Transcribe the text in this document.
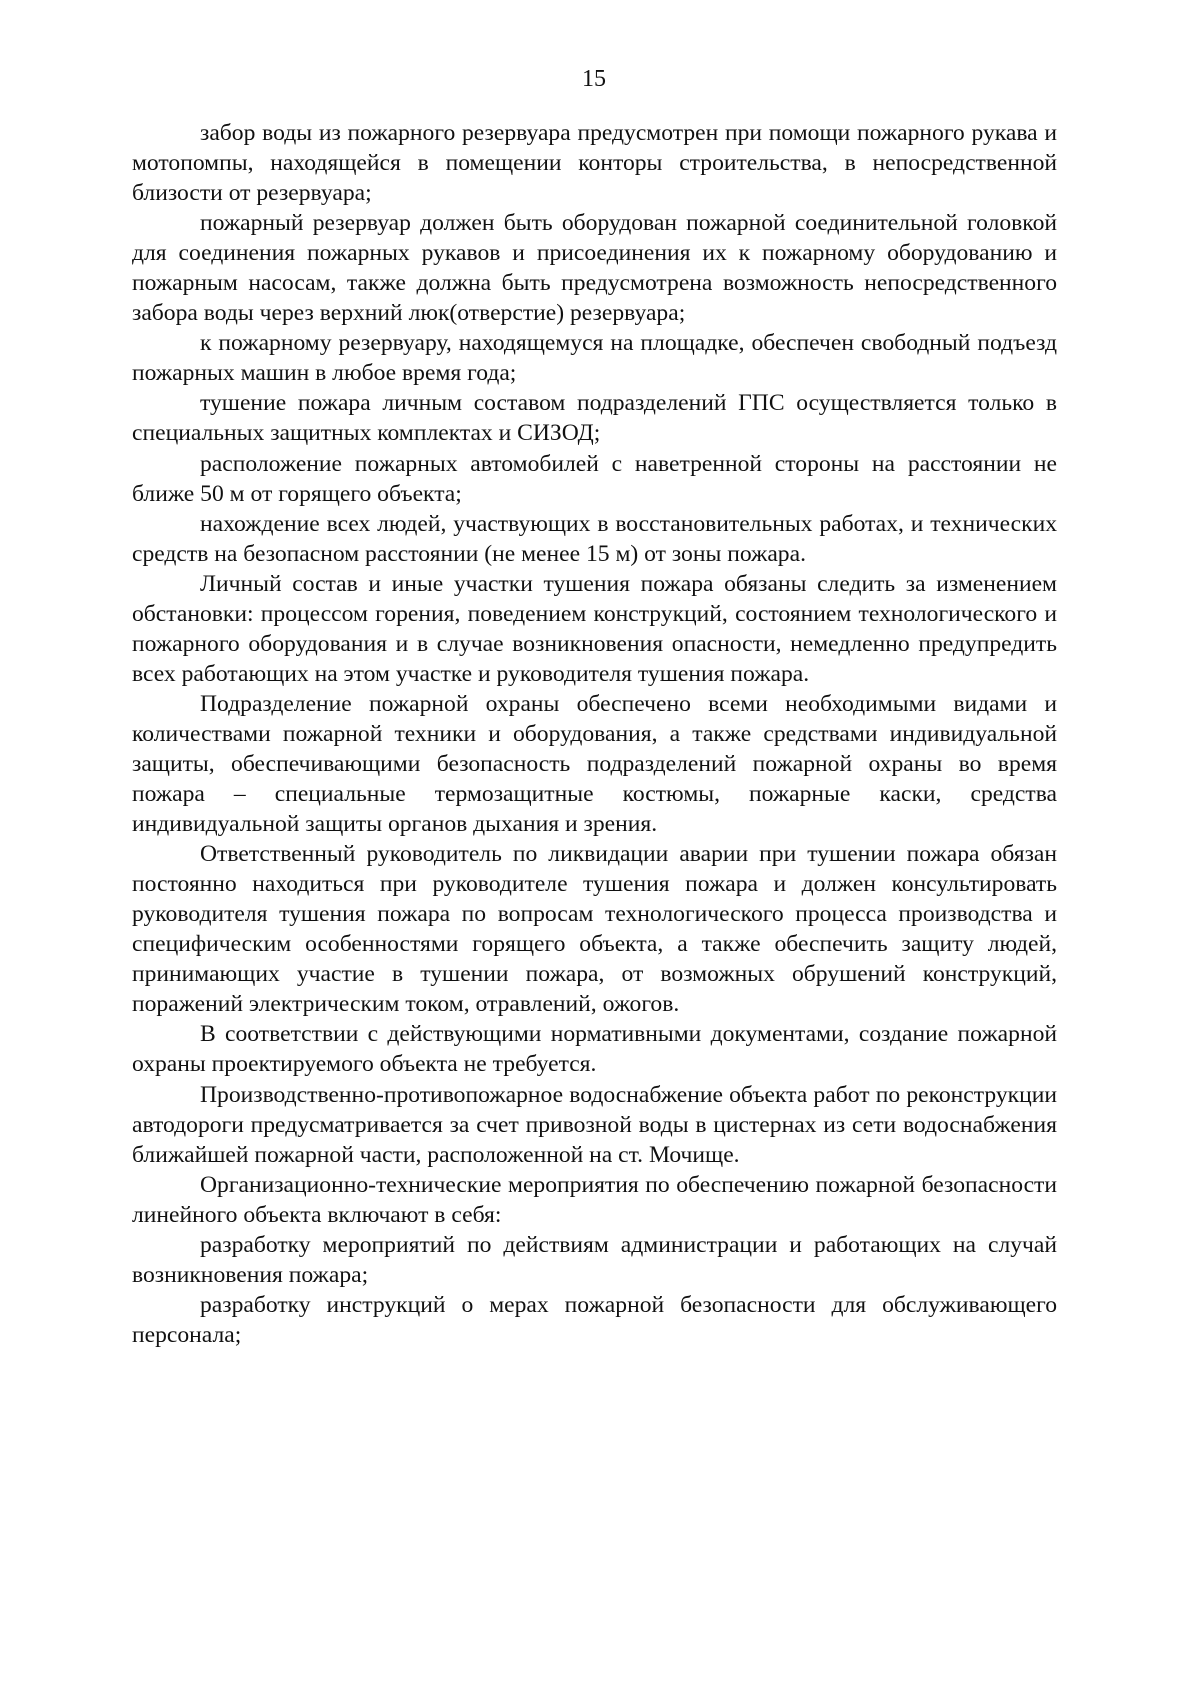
15

забор воды из пожарного резервуара предусмотрен при помощи пожарного рукава и мотопомпы, находящейся в помещении конторы строительства, в непосредственной близости от резервуара;

пожарный резервуар должен быть оборудован пожарной соединительной головкой для соединения пожарных рукавов и присоединения их к пожарному оборудованию и пожарным насосам, также должна быть предусмотрена возможность непосредственного забора воды через верхний люк(отверстие) резервуара;

к пожарному резервуару, находящемуся на площадке, обеспечен свободный подъезд пожарных машин в любое время года;

тушение пожара личным составом подразделений ГПС осуществляется только в специальных защитных комплектах и СИЗОД;

расположение пожарных автомобилей с наветренной стороны на расстоянии не ближе 50 м от горящего объекта;

нахождение всех людей, участвующих в восстановительных работах, и технических средств на безопасном расстоянии (не менее 15 м) от зоны пожара.

Личный состав и иные участки тушения пожара обязаны следить за изменением обстановки: процессом горения, поведением конструкций, состоянием технологического и пожарного оборудования и в случае возникновения опасности, немедленно предупредить всех работающих на этом участке и руководителя тушения пожара.

Подразделение пожарной охраны обеспечено всеми необходимыми видами и количествами пожарной техники и оборудования, а также средствами индивидуальной защиты, обеспечивающими безопасность подразделений пожарной охраны во время пожара – специальные термозащитные костюмы, пожарные каски, средства индивидуальной защиты органов дыхания и зрения.

Ответственный руководитель по ликвидации аварии при тушении пожара обязан постоянно находиться при руководителе тушения пожара и должен консультировать руководителя тушения пожара по вопросам технологического процесса производства и специфическим особенностями горящего объекта, а также обеспечить защиту людей, принимающих участие в тушении пожара, от возможных обрушений конструкций, поражений электрическим током, отравлений, ожогов.

В соответствии с действующими нормативными документами, создание пожарной охраны проектируемого объекта не требуется.

Производственно-противопожарное водоснабжение объекта работ по реконструкции автодороги предусматривается за счет привозной воды в цистернах из сети водоснабжения ближайшей пожарной части, расположенной на ст. Мочище.

Организационно-технические мероприятия по обеспечению пожарной безопасности линейного объекта включают в себя:

разработку мероприятий по действиям администрации и работающих на случай возникновения пожара;

разработку инструкций о мерах пожарной безопасности для обслуживающего персонала;
